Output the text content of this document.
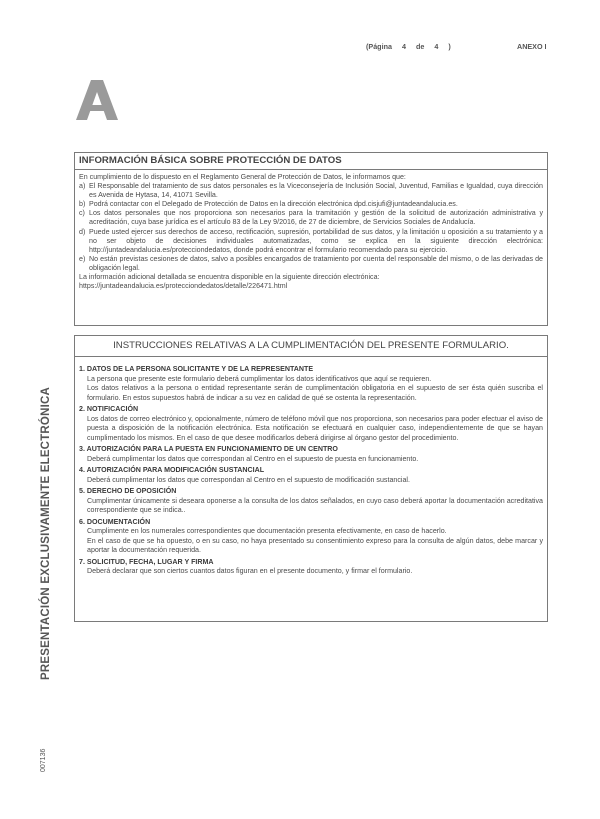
(Página 4 de 4 )	ANEXO I
PRESENTACIÓN EXCLUSIVAMENTE ELECTRÓNICA
007136
INFORMACIÓN BÁSICA SOBRE PROTECCIÓN DE DATOS

En cumplimiento de lo dispuesto en el Reglamento General de Protección de Datos, le informamos que:

a) El Responsable del tratamiento de sus datos personales es la Viceconsejería de Inclusión Social, Juventud, Familias e Igualdad, cuya dirección es Avenida de Hytasa, 14, 41071 Sevilla.
b) Podrá contactar con el Delegado de Protección de Datos en la dirección electrónica dpd.cisjufi@juntadeandalucia.es.
c) Los datos personales que nos proporciona son necesarios para la tramitación y gestión de la solicitud de autorización administrativa y acreditación, cuya base jurídica es el artículo 83 de la Ley 9/2016, de 27 de diciembre, de Servicios Sociales de Andalucía.
d) Puede usted ejercer sus derechos de acceso, rectificación, supresión, portabilidad de sus datos, y la limitación u oposición a su tratamiento y a no ser objeto de decisiones individuales automatizadas, como se explica en la siguiente dirección electrónica: http://juntadeandalucia.es/protecciondedatos, donde podrá encontrar el formulario recomendado para su ejercicio.
e) No están previstas cesiones de datos, salvo a posibles encargados de tratamiento por cuenta del responsable del mismo, o de las derivadas de obligación legal.

La información adicional detallada se encuentra disponible en la siguiente dirección electrónica:

https://juntadeandalucia.es/protecciondedatos/detalle/226471.html

INSTRUCCIONES RELATIVAS A LA CUMPLIMENTACIÓN DEL PRESENTE FORMULARIO.
1. DATOS DE LA PERSONA SOLICITANTE Y DE LA REPRESENTANTE

La persona que presente este formulario deberá cumplimentar los datos identificativos que aquí se requieren.

Los datos relativos a la persona o entidad representante serán de cumplimentación obligatoria en el supuesto de ser ésta quién suscriba el formulario. En estos supuestos habrá de indicar a su vez en calidad de qué se ostenta la representación.

2. NOTIFICACIÓN

Los datos de correo electrónico y, opcionalmente, número de teléfono móvil que nos proporciona, son necesarios para poder efectuar el aviso de puesta a disposición de la notificación electrónica. Esta notificación se efectuará en cualquier caso, independientemente de que se hayan cumplimentado los mismos. En el caso de que desee modificarlos deberá dirigirse al órgano gestor del procedimiento.

3. AUTORIZACIÓN PARA LA PUESTA EN FUNCIONAMIENTO DE UN CENTRO

Deberá cumplimentar los datos que correspondan al Centro en el supuesto de puesta en funcionamiento.

4. AUTORIZACIÓN PARA MODIFICACIÓN SUSTANCIAL

Deberá cumplimentar los datos que correspondan al Centro en el supuesto de modificación sustancial.

5. DERECHO DE OPOSICIÓN

Cumplimentar únicamente si deseara oponerse a la consulta de los datos señalados, en cuyo caso deberá aportar la documentación acreditativa correspondiente que se indica..

6. DOCUMENTACIÓN

Cumplimente en los numerales correspondientes que documentación presenta efectivamente, en caso de hacerlo.

En el caso de que se ha opuesto, o en su caso, no haya presentado su consentimiento expreso para la consulta de algún datos, debe marcar y aportar la documentación requerida.

7. SOLICITUD, FECHA, LUGAR Y FIRMA

Deberá declarar que son ciertos cuantos datos figuran en el presente documento, y firmar el formulario.
